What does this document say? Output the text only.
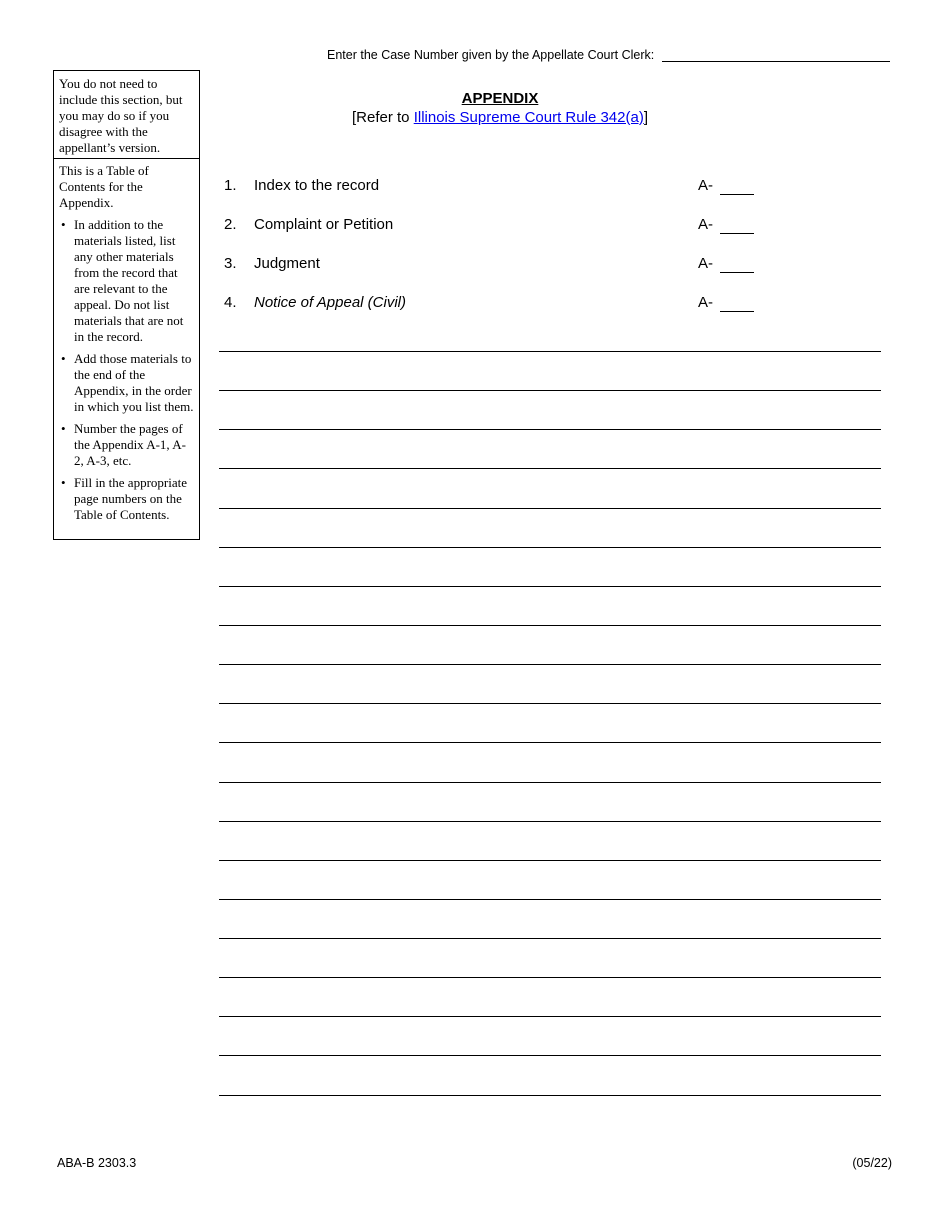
Enter the Case Number given by the Appellate Court Clerk:
You do not need to include this section, but you may do so if you disagree with the appellant’s version.
This is a Table of Contents for the Appendix.
• In addition to the materials listed, list any other materials from the record that are relevant to the appeal. Do not list materials that are not in the record.
• Add those materials to the end of the Appendix, in the order in which you list them.
• Number the pages of the Appendix A-1, A-2, A-3, etc.
• Fill in the appropriate page numbers on the Table of Contents.
APPENDIX
[Refer to Illinois Supreme Court Rule 342(a)]
1. Index to the record	A-
2. Complaint or Petition	A-
3. Judgment	A-
4. Notice of Appeal (Civil)	A-
ABA-B 2303.3	(05/22)
